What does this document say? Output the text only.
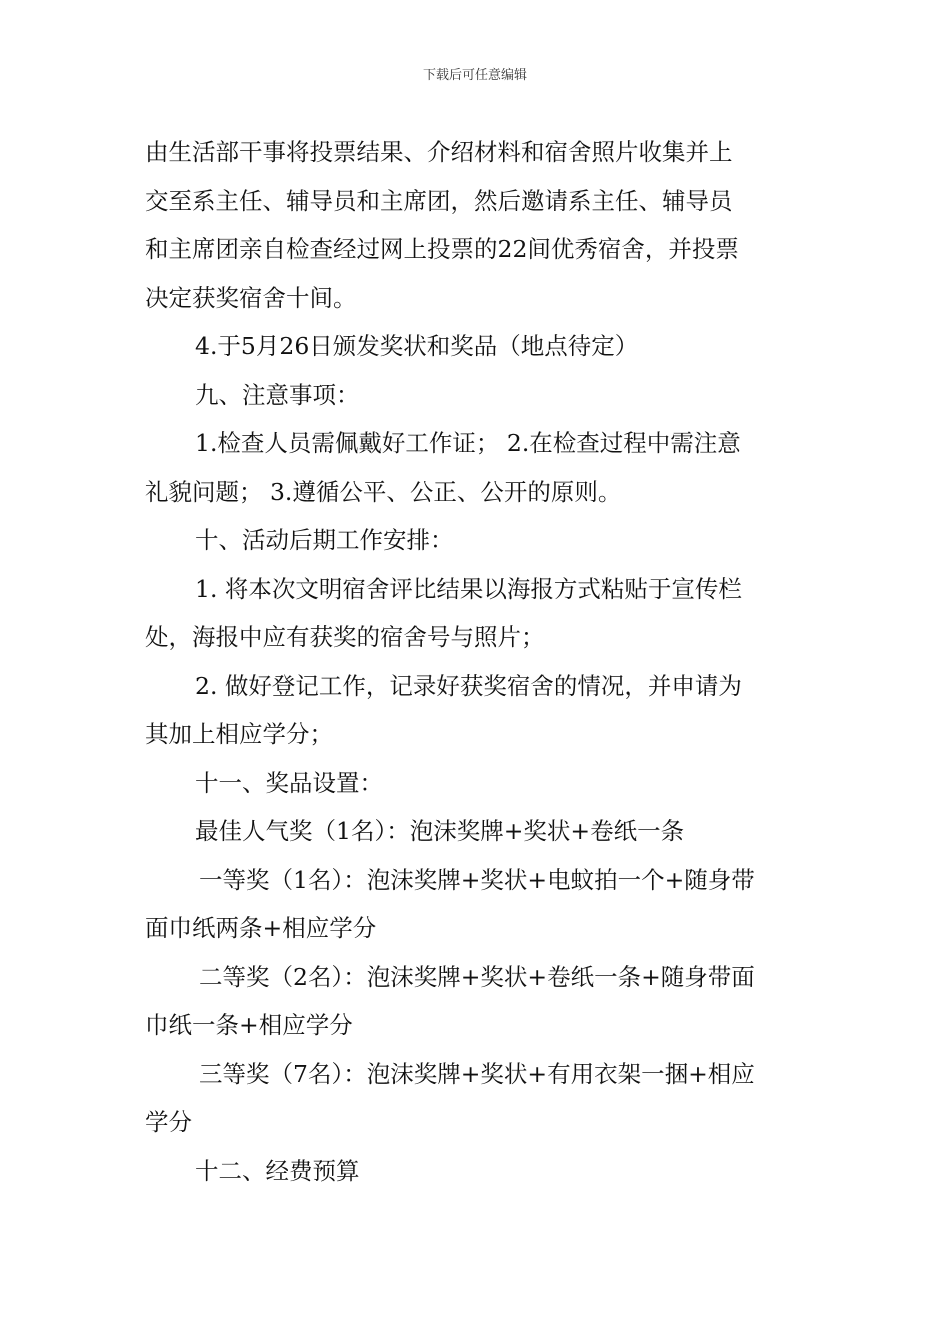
下载后可任意编辑
由生活部干事将投票结果、介绍材料和宿舍照片收集并上
交至系主任、辅导员和主席团，然后邀请系主任、辅导员
和主席团亲自检查经过网上投票的22间优秀宿舍，并投票
决定获奖宿舍十间。
4.于5月26日颁发奖状和奖品（地点待定）
九、注意事项：
1.检查人员需佩戴好工作证； 2.在检查过程中需注意
礼貌问题； 3.遵循公平、公正、公开的原则。
十、活动后期工作安排：
1. 将本次文明宿舍评比结果以海报方式粘贴于宣传栏
处，海报中应有获奖的宿舍号与照片；
2. 做好登记工作，记录好获奖宿舍的情况，并申请为
其加上相应学分；
十一、奖品设置：
最佳人气奖（1名）：泡沫奖牌+奖状+卷纸一条
一等奖（1名）：泡沫奖牌+奖状+电蚊拍一个+随身带
面巾纸两条+相应学分
二等奖（2名）：泡沫奖牌+奖状+卷纸一条+随身带面
巾纸一条+相应学分
三等奖（7名）：泡沫奖牌+奖状+有用衣架一捆+相应
学分
十二、经费预算
